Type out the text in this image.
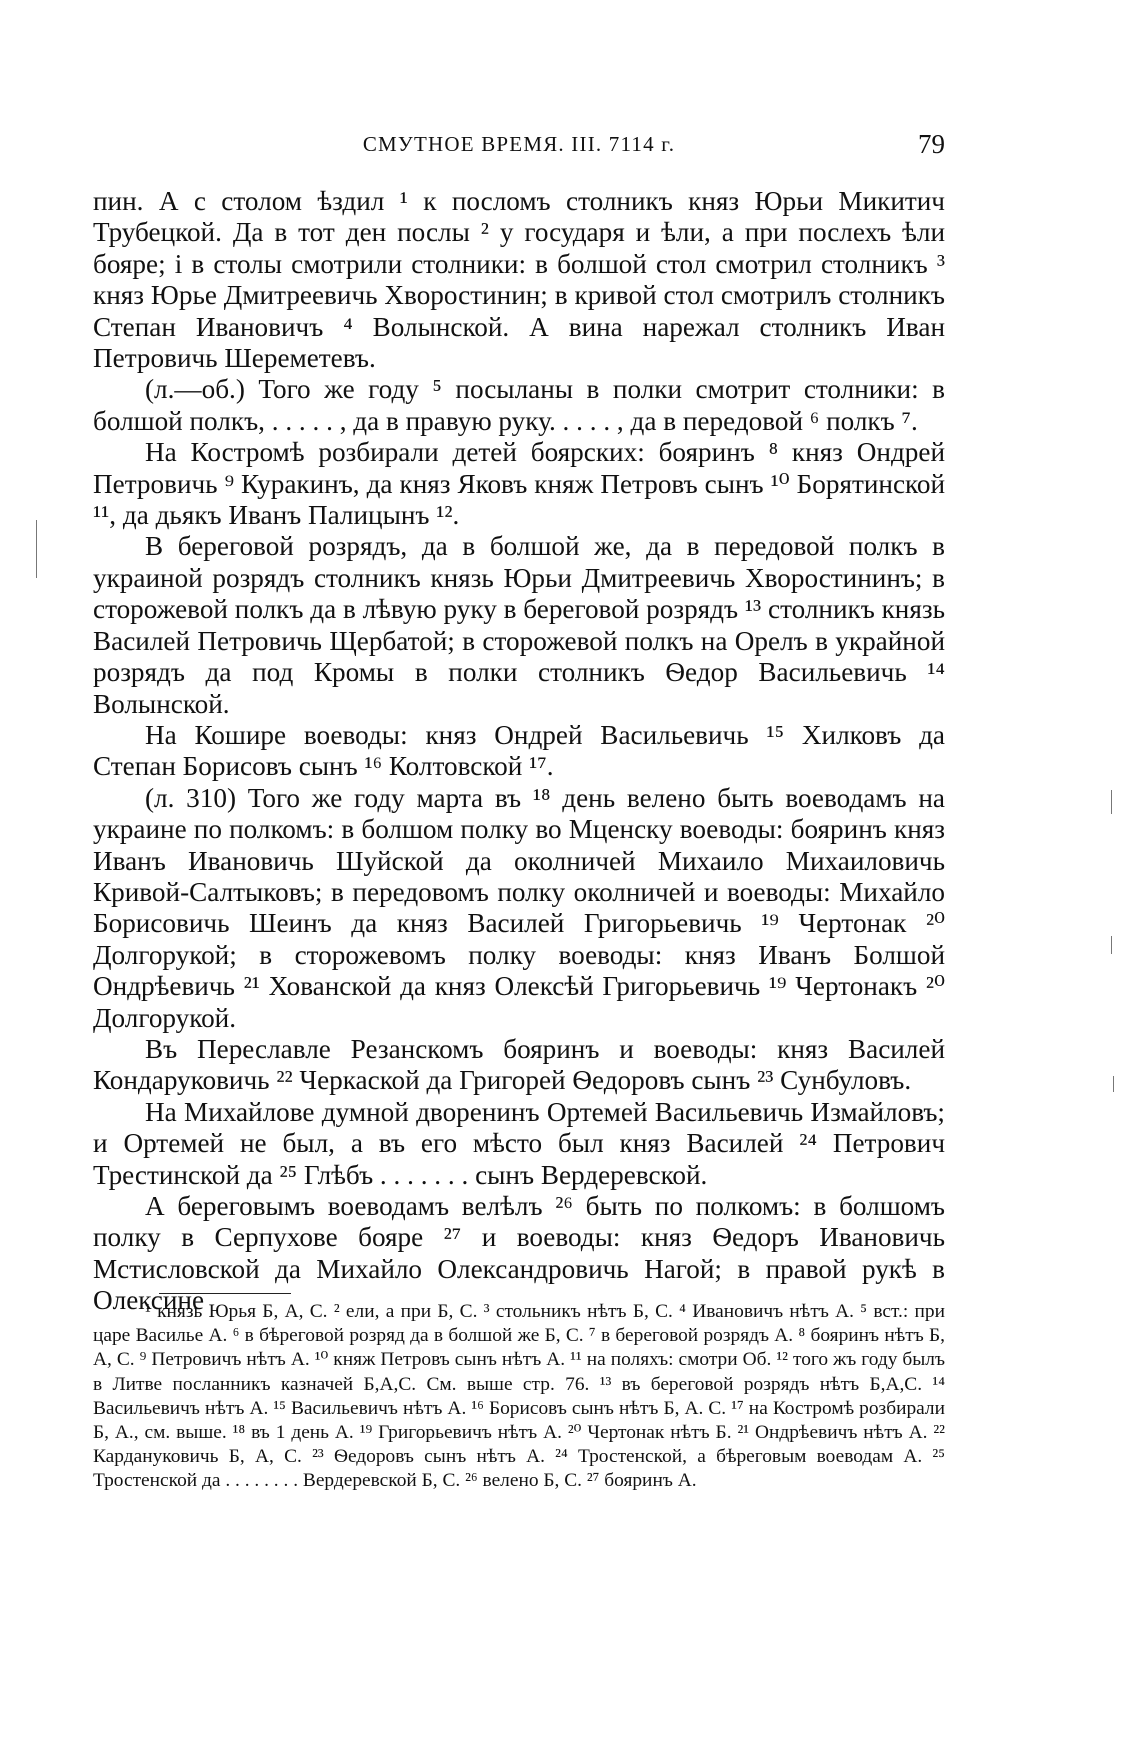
СМУТНОЕ ВРЕМЯ. III. 7114 г.	79

пин. А с столом ѣздил ¹ к посломъ столникъ княз Юрьи Микитич Трубецкой. Да в тот ден послы ² у государя и ѣли, а при послехъ ѣли бояре; і в столы смотрили столники: в болшой стол смотрил столникъ ³ княз Юрье Дмитреевичь Хворостинин; в кривой стол смотрилъ столникъ Степан Ивановичъ ⁴ Волынской. А вина нарежал столникъ Иван Петровичь Шереметевъ.

(л.—об.) Того же году ⁵ посыланы в полки смотрит столники: в болшой полкъ, . . . . . , да в правую руку. . . . . , да в передовой ⁶ полкъ ⁷.

На Костромѣ розбирали детей боярских: бояринъ ⁸ княз Ондрей Петровичь ⁹ Куракинъ, да княз Яковъ княж Петровъ сынъ ¹⁰ Борятинской ¹¹, да дьякъ Иванъ Палицынъ ¹².

В береговой розрядъ, да в болшой же, да в передовой полкъ в украиной розрядъ столникъ князь Юрьи Дмитреевичь Хворостининъ; в сторожевой полкъ да в лѣвую руку в береговой розрядъ ¹³ столникъ князь Василей Петровичь Щербатой; в сторожевой полкъ на Орелъ в украйной розрядъ да под Кромы в полки столникъ Ѳедор Васильевичь ¹⁴ Волынской.

На Кошире воеводы: княз Ондрей Васильевичь ¹⁵ Хилковъ да Степан Борисовъ сынъ ¹⁶ Колтовской ¹⁷.

(л. 310) Того же году марта въ ¹⁸ день велено быть воеводамъ на украине по полкомъ: в болшом полку во Мценску воеводы: бояринъ княз Иванъ Ивановичь Шуйской да околничей Михаило Михаиловичь Кривой-Салтыковъ; в передовомъ полку околничей и воеводы: Михайло Борисовичь Шеинъ да княз Василей Григорьевичь ¹⁹ Чертонак ²⁰ Долгорукой; в сторожевомъ полку воеводы: княз Иванъ Болшой Ондрѣевичь ²¹ Хованской да княз Олексѣй Григорьевичь ¹⁹ Чертонакъ ²⁰ Долгорукой.

Въ Переславле Резанскомъ бояринъ и воеводы: княз Василей Кондаруковичь ²² Черкаской да Григорей Ѳедоровъ сынъ ²³ Сунбуловъ.

На Михайлове думной дворенинъ Ортемей Васильевичь Измайловъ; и Ортемей не был, а въ его мѣсто был княз Василей ²⁴ Петрович Трестинской да ²⁵ Глѣбъ . . . . . . . сынъ Вердеревской.

А береговымъ воеводамъ велѣлъ ²⁶ быть по полкомъ: в болшомъ полку в Серпухове бояре ²⁷ и воеводы: княз Ѳедоръ Ивановичь Мстисловской да Михайло Олександровичь Нагой; в правой рукѣ в Олексине

¹ князь Юрья Б, А, С. ² ели, а при Б, С. ³ стольникъ нѣтъ Б, С. ⁴ Ивановичъ нѣтъ А. ⁵ вст.: при царе Василье А. ⁶ в бѣреговой розряд да в болшой же Б, С. ⁷ в береговой розрядъ А. ⁸ бояринъ нѣтъ Б, А, С. ⁹ Петровичъ нѣтъ А. ¹⁰ княж Петровъ сынъ нѣтъ А. ¹¹ на поляхъ: смотри Об. ¹² того жъ году былъ в Литве посланникъ казначей Б,А,С. См. выше стр. 76. ¹³ въ береговой розрядъ нѣтъ Б,А,С. ¹⁴ Васильевичъ нѣтъ А. ¹⁵ Васильевичъ нѣтъ А. ¹⁶ Борисовъ сынъ нѣтъ Б, А. С. ¹⁷ на Костромѣ розбирали Б, А., см. выше. ¹⁸ въ 1 день А. ¹⁹ Григорьевичъ нѣтъ А. ²⁰ Чертонак нѣтъ Б. ²¹ Ондрѣевичъ нѣтъ А. ²² Кардануковичь Б, А, С. ²³ Ѳедоровъ сынъ нѣтъ А. ²⁴ Тростенской, а бѣреговым воеводам А. ²⁵ Тростенской да . . . . . . . . Вердеревской Б, С. ²⁶ велено Б, С. ²⁷ бояринъ А.
